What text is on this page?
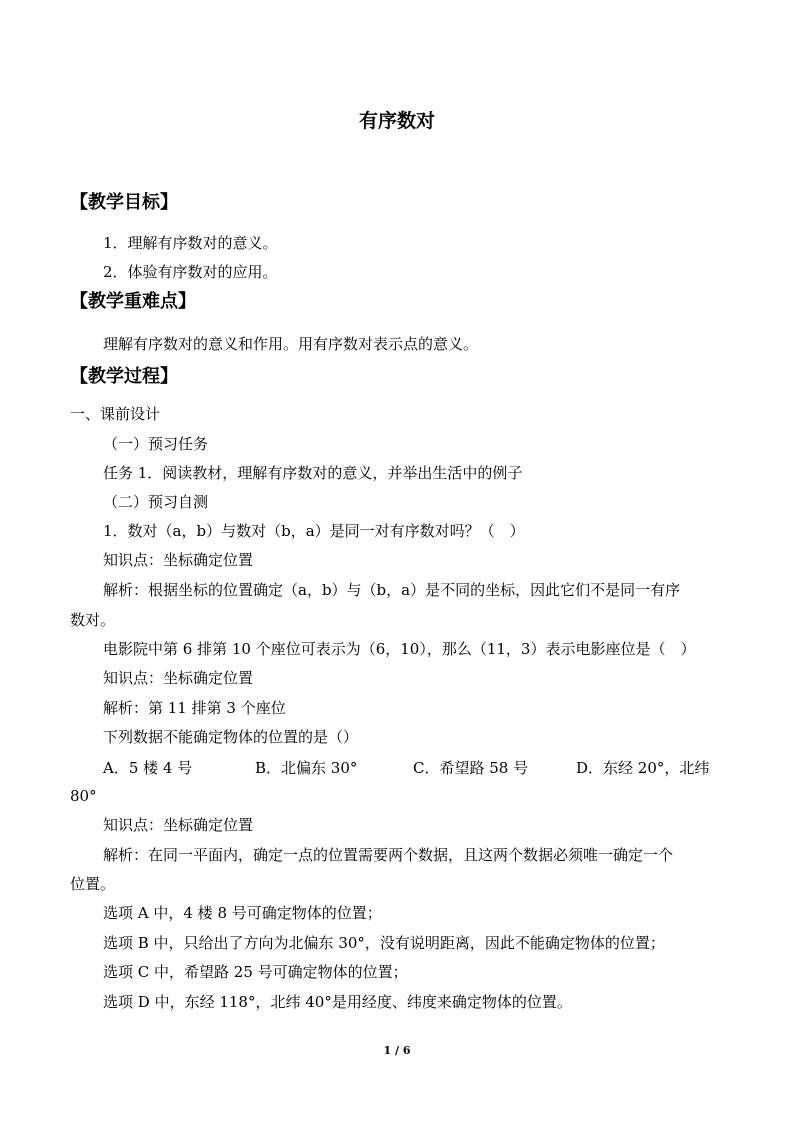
有序数对
【教学目标】
1．理解有序数对的意义。
2．体验有序数对的应用。
【教学重难点】
理解有序数对的意义和作用。用有序数对表示点的意义。
【教学过程】
一、课前设计
（一）预习任务
任务 1．阅读教材，理解有序数对的意义，并举出生活中的例子
（二）预习自测
1．数对（a，b）与数对（b，a）是同一对有序数对吗？（　）
知识点：坐标确定位置
解析：根据坐标的位置确定（a，b）与（b，a）是不同的坐标，因此它们不是同一有序
数对。
电影院中第 6 排第 10 个座位可表示为（6，10），那么（11，3）表示电影座位是（　）
知识点：坐标确定位置
解析：第 11 排第 3 个座位
下列数据不能确定物体的位置的是（）
A．5 楼 4 号	B．北偏东 30°	C．希望路 58 号	D．东经 20°，北纬
80°
知识点：坐标确定位置
解析：在同一平面内，确定一点的位置需要两个数据，且这两个数据必须唯一确定一个
位置。
选项 A 中，4 楼 8 号可确定物体的位置；
选项 B 中，只给出了方向为北偏东 30°，没有说明距离，因此不能确定物体的位置；
选项 C 中，希望路 25 号可确定物体的位置；
选项 D 中，东经 118°，北纬 40°是用经度、纬度来确定物体的位置。
1 / 6
